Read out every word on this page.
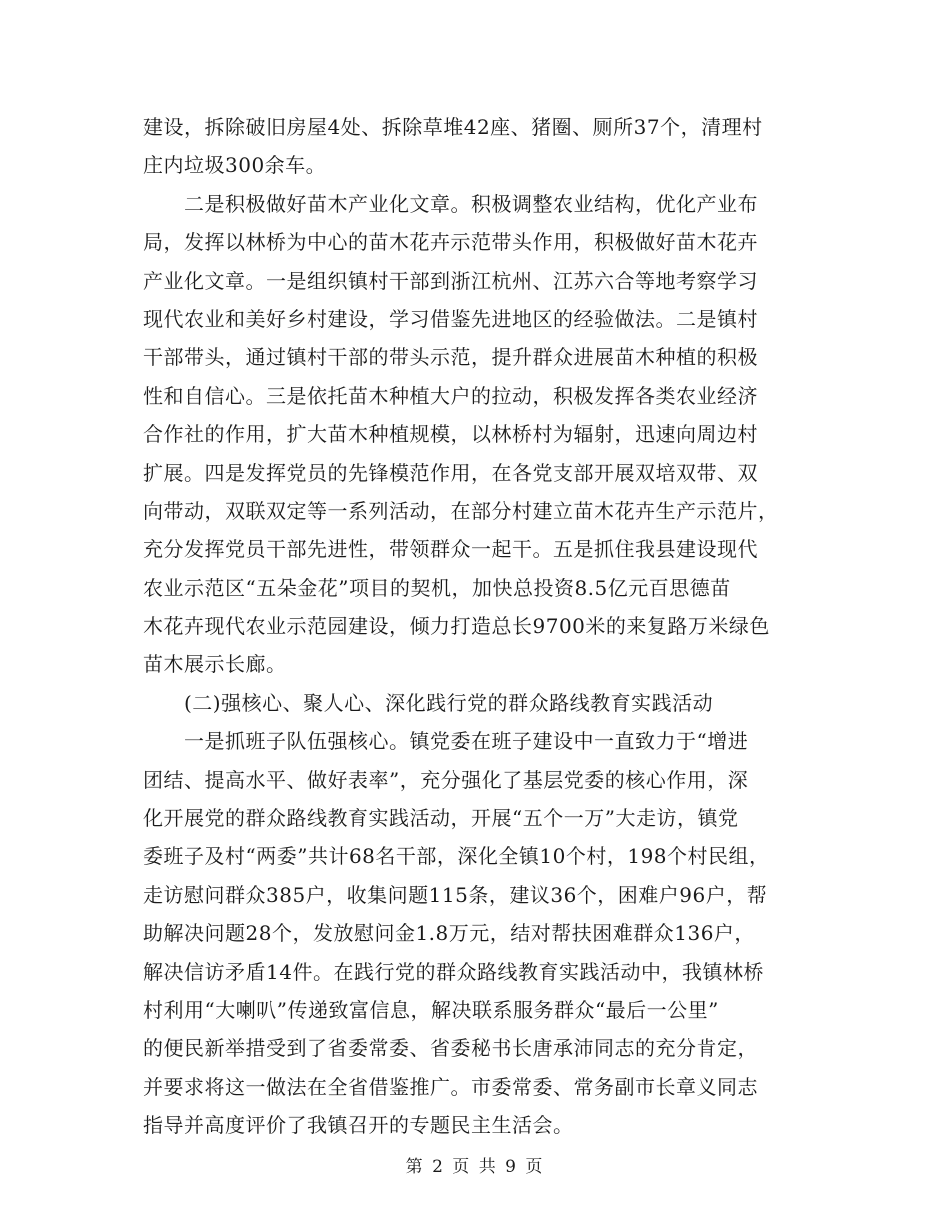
建设，拆除破旧房屋4处、拆除草堆42座、猪圈、厕所37个，清理村
庄内垃圾300余车。
　　二是积极做好苗木产业化文章。积极调整农业结构，优化产业布
局，发挥以林桥为中心的苗木花卉示范带头作用，积极做好苗木花卉
产业化文章。一是组织镇村干部到浙江杭州、江苏六合等地考察学习
现代农业和美好乡村建设，学习借鉴先进地区的经验做法。二是镇村
干部带头，通过镇村干部的带头示范，提升群众进展苗木种植的积极
性和自信心。三是依托苗木种植大户的拉动，积极发挥各类农业经济
合作社的作用，扩大苗木种植规模，以林桥村为辐射，迅速向周边村
扩展。四是发挥党员的先锋模范作用，在各党支部开展双培双带、双
向带动，双联双定等一系列活动，在部分村建立苗木花卉生产示范片，
充分发挥党员干部先进性，带领群众一起干。五是抓住我县建设现代
农业示范区“五朵金花”项目的契机，加快总投资8.5亿元百思德苗
木花卉现代农业示范园建设，倾力打造总长9700米的来复路万米绿色
苗木展示长廊。
　　(二)强核心、聚人心、深化践行党的群众路线教育实践活动
　　一是抓班子队伍强核心。镇党委在班子建设中一直致力于“增进
团结、提高水平、做好表率”，充分强化了基层党委的核心作用，深
化开展党的群众路线教育实践活动，开展“五个一万”大走访，镇党
委班子及村“两委”共计68名干部，深化全镇10个村，198个村民组，
走访慰问群众385户，收集问题115条，建议36个，困难户96户，帮
助解决问题28个，发放慰问金1.8万元，结对帮扶困难群众136户，
解决信访矛盾14件。在践行党的群众路线教育实践活动中，我镇林桥
村利用“大喇叭”传递致富信息，解决联系服务群众“最后一公里”
的便民新举措受到了省委常委、省委秘书长唐承沛同志的充分肯定，
并要求将这一做法在全省借鉴推广。市委常委、常务副市长章义同志
指导并高度评价了我镇召开的专题民主生活会。
第 2 页 共 9 页
